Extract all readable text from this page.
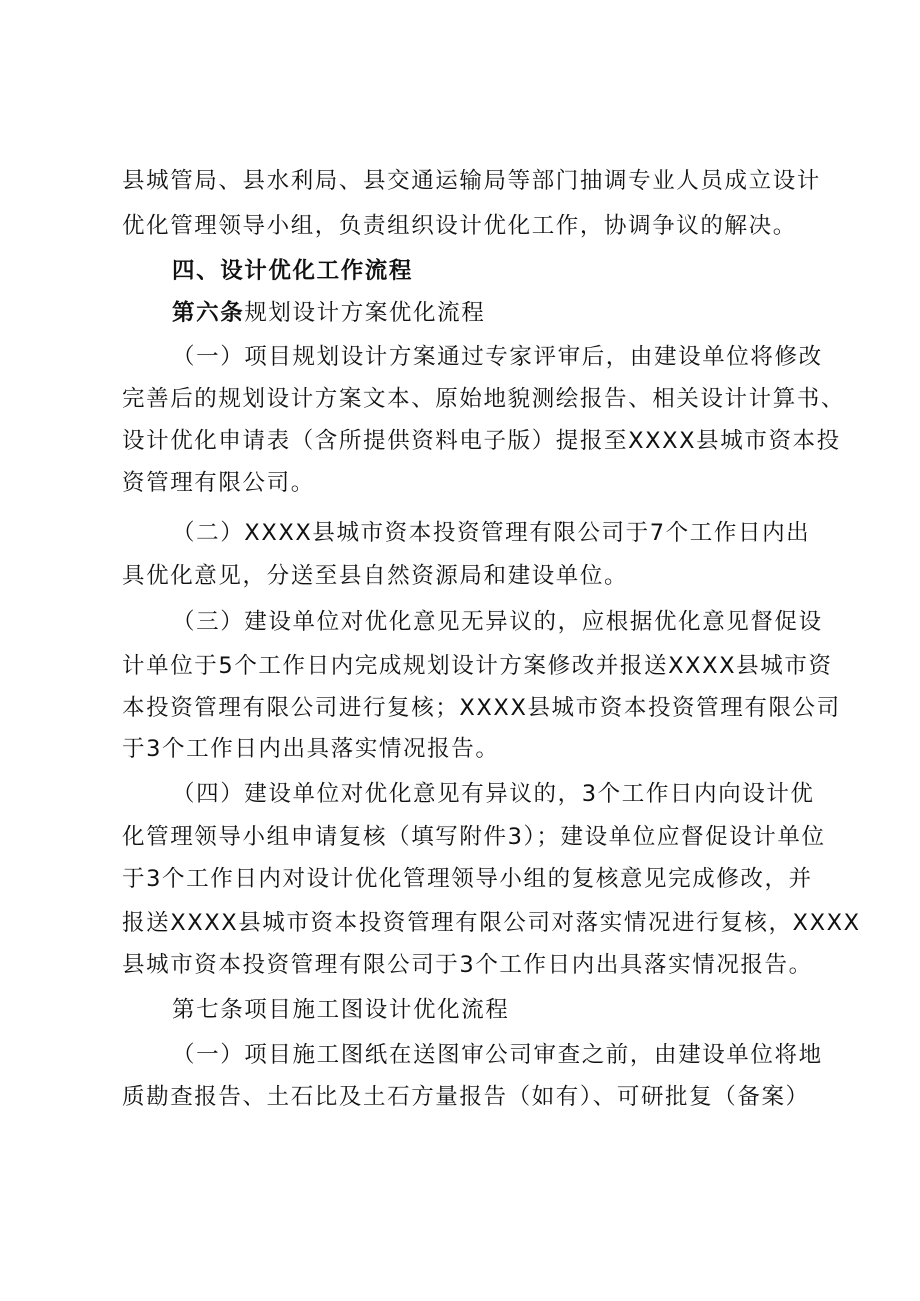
县城管局、县水利局、县交通运输局等部门抽调专业人员成立设计

优化管理领导小组，负责组织设计优化工作，协调争议的解决。

四、设计优化工作流程

第六条规划设计方案优化流程

（一）项目规划设计方案通过专家评审后，由建设单位将修改

完善后的规划设计方案文本、原始地貌测绘报告、相关设计计算书、

设计优化申请表（含所提供资料电子版）提报至XXXX县城市资本投

资管理有限公司。

（二）XXXX县城市资本投资管理有限公司于7个工作日内出

具优化意见，分送至县自然资源局和建设单位。

（三）建设单位对优化意见无异议的，应根据优化意见督促设

计单位于5个工作日内完成规划设计方案修改并报送XXXX县城市资

本投资管理有限公司进行复核；XXXX县城市资本投资管理有限公司

于3个工作日内出具落实情况报告。

（四）建设单位对优化意见有异议的，3个工作日内向设计优

化管理领导小组申请复核（填写附件3）；建设单位应督促设计单位

于3个工作日内对设计优化管理领导小组的复核意见完成修改，并

报送XXXX县城市资本投资管理有限公司对落实情况进行复核，XXXX

县城市资本投资管理有限公司于3个工作日内出具落实情况报告。

第七条项目施工图设计优化流程

（一）项目施工图纸在送图审公司审查之前，由建设单位将地

质勘查报告、土石比及土石方量报告（如有）、可研批复（备案）
